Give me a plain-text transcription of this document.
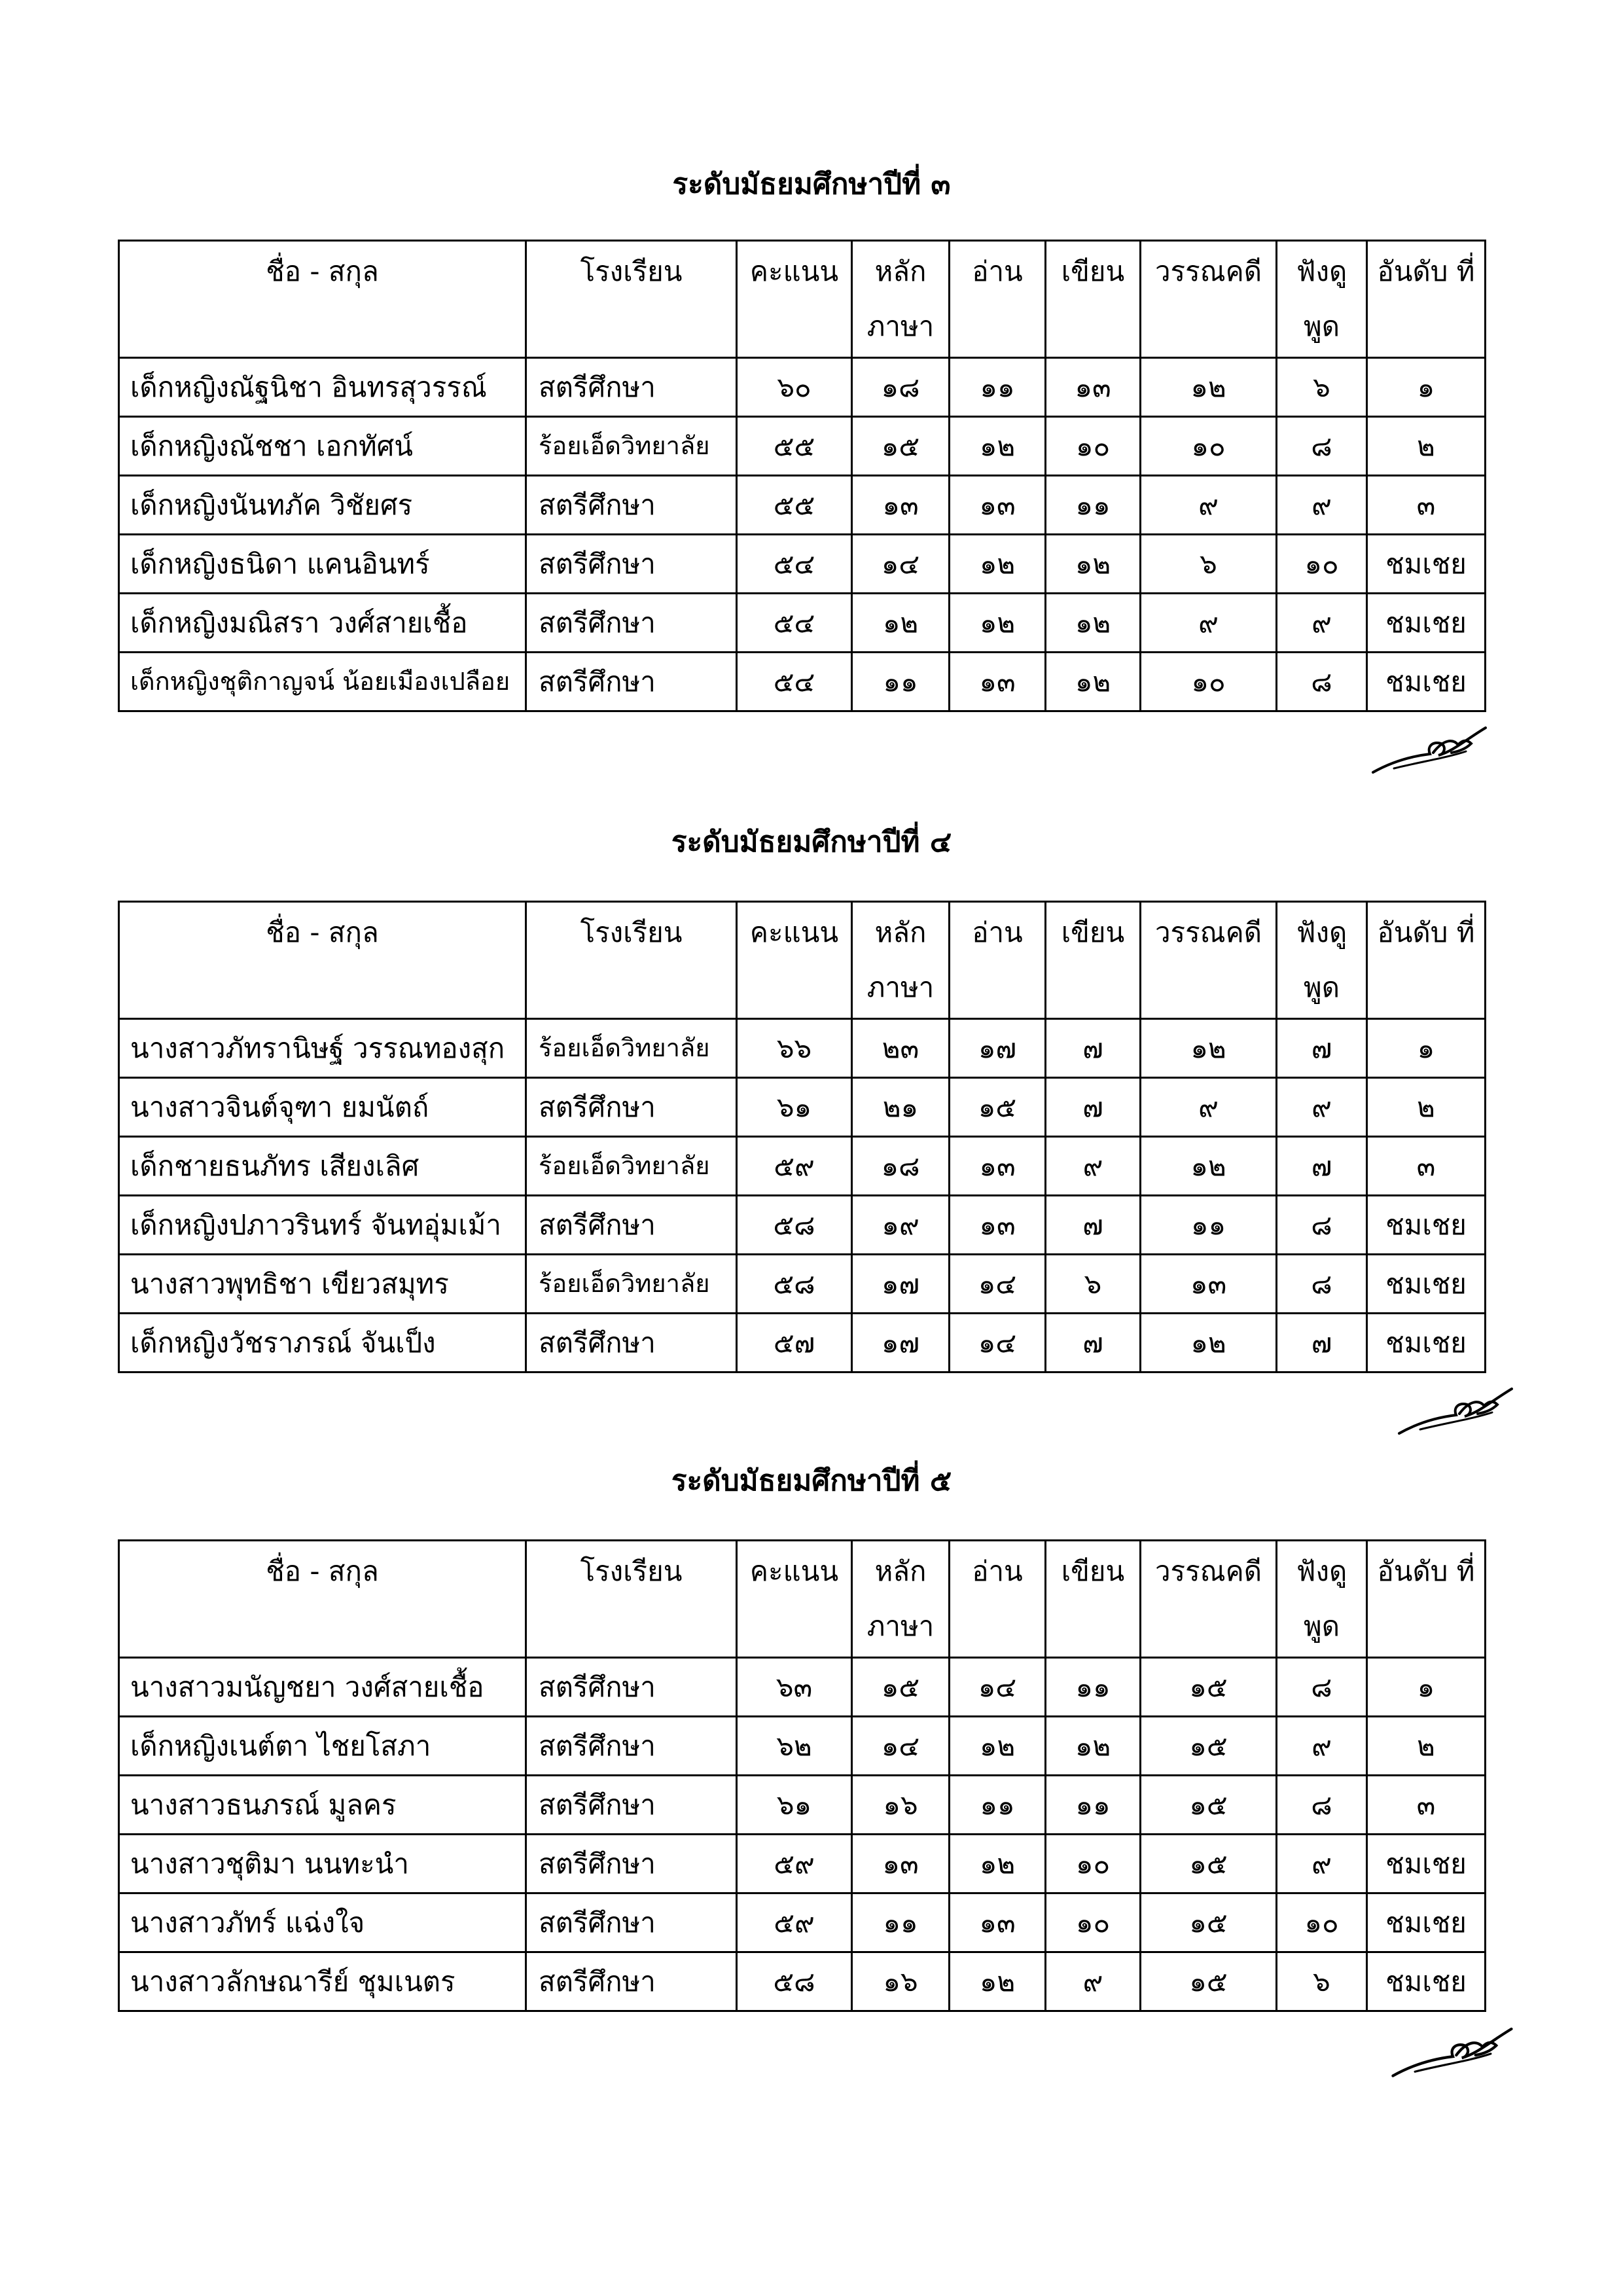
ระดับมัธยมศึกษาปีที่ ๓
ชื่อ - สกุล	โรงเรียน	คะแนน	หลัก ภาษา	อ่าน	เขียน	วรรณคดี	ฟังดู พูด	อันดับ ที่
เด็กหญิงณัฐนิชา อินทรสุวรรณ์	สตรีศึกษา	๖๐	๑๘	๑๑	๑๓	๑๒	๖	๑
เด็กหญิงณัชชา เอกทัศน์	ร้อยเอ็ดวิทยาลัย	๕๕	๑๕	๑๒	๑๐	๑๐	๘	๒
เด็กหญิงนันทภัค วิชัยศร	สตรีศึกษา	๕๕	๑๓	๑๓	๑๑	๙	๙	๓
เด็กหญิงธนิดา แคนอินทร์	สตรีศึกษา	๕๔	๑๔	๑๒	๑๒	๖	๑๐	ชมเชย
เด็กหญิงมณิสรา วงศ์สายเชื้อ	สตรีศึกษา	๕๔	๑๒	๑๒	๑๒	๙	๙	ชมเชย
เด็กหญิงชุติกาญจน์ น้อยเมืองเปลือย	สตรีศึกษา	๕๔	๑๑	๑๓	๑๒	๑๐	๘	ชมเชย
ระดับมัธยมศึกษาปีที่ ๔
ชื่อ - สกุล	โรงเรียน	คะแนน	หลัก ภาษา	อ่าน	เขียน	วรรณคดี	ฟังดู พูด	อันดับ ที่
นางสาวภัทรานิษฐ์ วรรณทองสุก	ร้อยเอ็ดวิทยาลัย	๖๖	๒๓	๑๗	๗	๑๒	๗	๑
นางสาวจินต์จุฑา ยมนัตถ์	สตรีศึกษา	๖๑	๒๑	๑๕	๗	๙	๙	๒
เด็กชายธนภัทร เสียงเลิศ	ร้อยเอ็ดวิทยาลัย	๕๙	๑๘	๑๓	๙	๑๒	๗	๓
เด็กหญิงปภาวรินทร์ จันทอุ่มเม้า	สตรีศึกษา	๕๘	๑๙	๑๓	๗	๑๑	๘	ชมเชย
นางสาวพุทธิชา เขียวสมุทร	ร้อยเอ็ดวิทยาลัย	๕๘	๑๗	๑๔	๖	๑๓	๘	ชมเชย
เด็กหญิงวัชราภรณ์ จันเป็ง	สตรีศึกษา	๕๗	๑๗	๑๔	๗	๑๒	๗	ชมเชย
ระดับมัธยมศึกษาปีที่ ๕
ชื่อ - สกุล	โรงเรียน	คะแนน	หลัก ภาษา	อ่าน	เขียน	วรรณคดี	ฟังดู พูด	อันดับ ที่
นางสาวมนัญชยา วงศ์สายเชื้อ	สตรีศึกษา	๖๓	๑๕	๑๔	๑๑	๑๕	๘	๑
เด็กหญิงเนต์ตา ไชยโสภา	สตรีศึกษา	๖๒	๑๔	๑๒	๑๒	๑๕	๙	๒
นางสาวธนภรณ์ มูลคร	สตรีศึกษา	๖๑	๑๖	๑๑	๑๑	๑๕	๘	๓
นางสาวชุติมา นนทะนำ	สตรีศึกษา	๕๙	๑๓	๑๒	๑๐	๑๕	๙	ชมเชย
นางสาวภัทร์ แฉ่งใจ	สตรีศึกษา	๕๙	๑๑	๑๓	๑๐	๑๕	๑๐	ชมเชย
นางสาวลักษณารีย์ ชุมเนตร	สตรีศึกษา	๕๘	๑๖	๑๒	๙	๑๕	๖	ชมเชย
